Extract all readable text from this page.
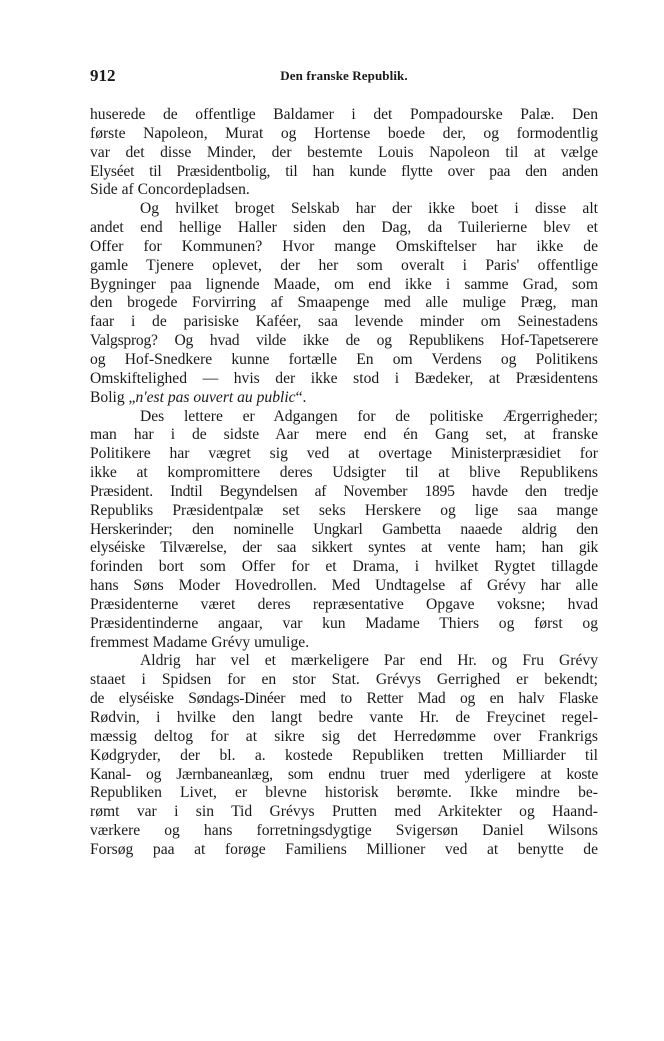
912	Den franske Republik.
huserede de offentlige Baldamer i det Pompadourske Palæ. Den
første Napoleon, Murat og Hortense boede der, og formodentlig
var det disse Minder, der bestemte Louis Napoleon til at vælge
Elyséet til Præsidentbolig, til han kunde flytte over paa den anden
Side af Concordepladsen.
Og hvilket broget Selskab har der ikke boet i disse alt
andet end hellige Haller siden den Dag, da Tuilerierne blev et
Offer for Kommunen? Hvor mange Omskiftelser har ikke de
gamle Tjenere oplevet, der her som overalt i Paris' offentlige
Bygninger paa lignende Maade, om end ikke i samme Grad, som
den brogede Forvirring af Smaapenge med alle mulige Præg, man
faar i de parisiske Kaféer, saa levende minder om Seinestadens
Valgsprog? Og hvad vilde ikke de og Republikens Hof-Tapetserere
og Hof-Snedkere kunne fortælle En om Verdens og Politikens
Omskiftelighed — hvis der ikke stod i Bædeker, at Præsidentens
Bolig „n'est pas ouvert au public“.
Des lettere er Adgangen for de politiske Ærgerrigheder;
man har i de sidste Aar mere end én Gang set, at franske
Politikere har vægret sig ved at overtage Ministerpræsidiet for
ikke at kompromittere deres Udsigter til at blive Republikens
Præsident. Indtil Begyndelsen af November 1895 havde den tredje
Republiks Præsidentpalæ set seks Herskere og lige saa mange
Herskerinder; den nominelle Ungkarl Gambetta naaede aldrig den
elyséiske Tilværelse, der saa sikkert syntes at vente ham; han gik
forinden bort som Offer for et Drama, i hvilket Rygtet tillagde
hans Søns Moder Hovedrollen. Med Undtagelse af Grévy har alle
Præsidenterne været deres repræsentative Opgave voksne; hvad
Præsidentinderne angaar, var kun Madame Thiers og først og
fremmest Madame Grévy umulige.
Aldrig har vel et mærkeligere Par end Hr. og Fru Grévy
staaet i Spidsen for en stor Stat. Grévys Gerrighed er bekendt;
de elyséiske Søndags-Dinéer med to Retter Mad og en halv Flaske
Rødvin, i hvilke den langt bedre vante Hr. de Freycinet regel-
mæssig deltog for at sikre sig det Herredømme over Frankrigs
Kødgryder, der bl. a. kostede Republiken tretten Milliarder til
Kanal- og Jærnbaneanlæg, som endnu truer med yderligere at koste
Republiken Livet, er blevne historisk berømte. Ikke mindre be-
rømt var i sin Tid Grévys Prutten med Arkitekter og Haand-
værkere og hans forretningsdygtige Svigersøn Daniel Wilsons
Forsøg paa at forøge Familiens Millioner ved at benytte de
